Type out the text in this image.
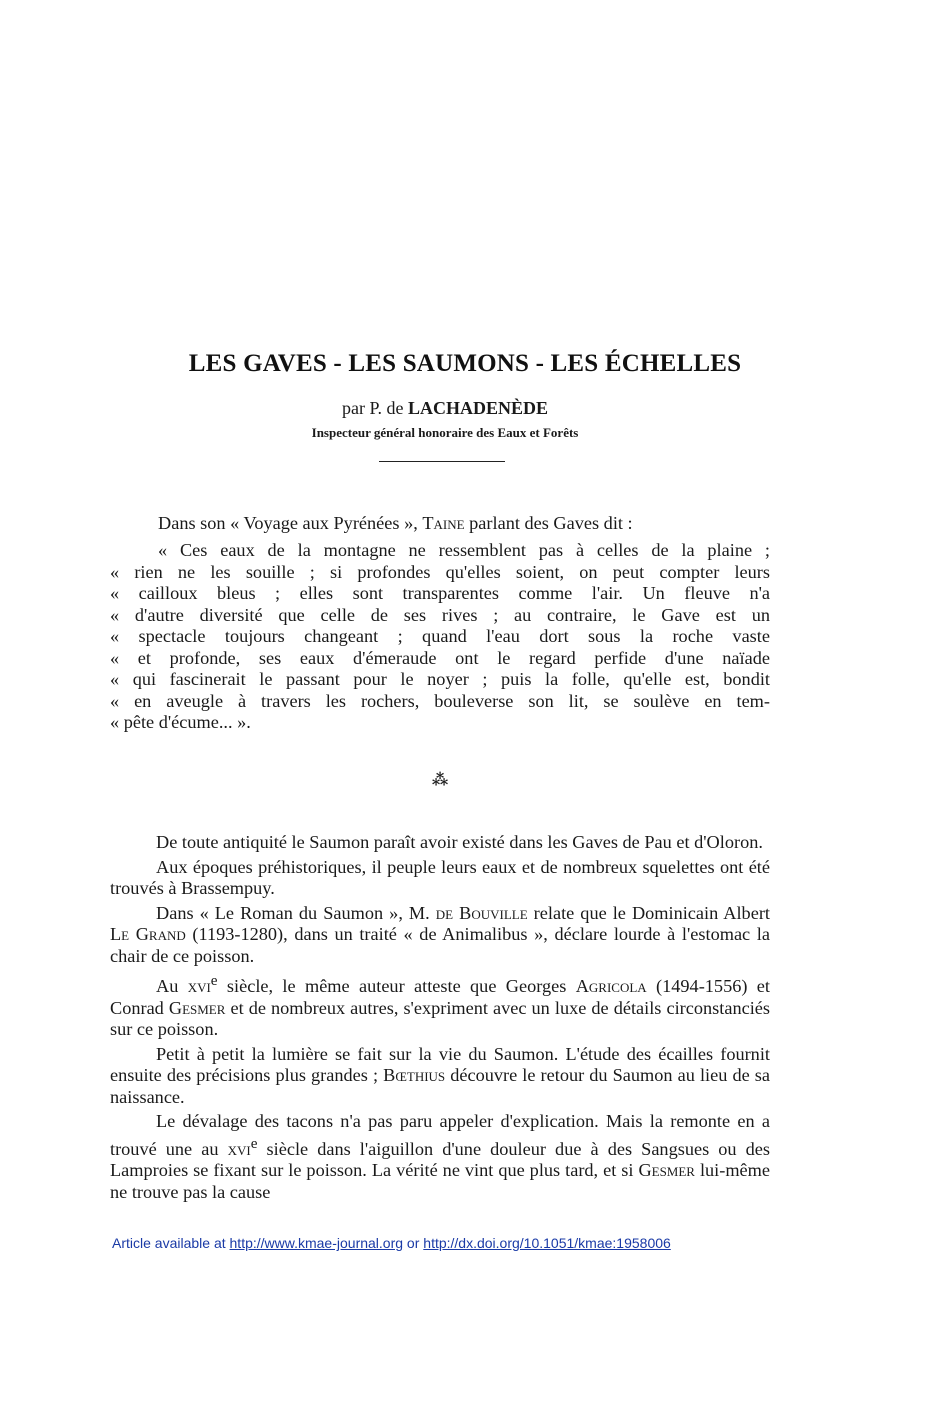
LES GAVES - LES SAUMONS - LES ÉCHELLES
par P. de LACHADENÈDE
Inspecteur général honoraire des Eaux et Forêts
Dans son « Voyage aux Pyrénées », Taine parlant des Gaves dit :
« Ces eaux de la montagne ne ressemblent pas à celles de la plaine ;
« rien ne les souille ; si profondes qu'elles soient, on peut compter leurs
« cailloux bleus ; elles sont transparentes comme l'air. Un fleuve n'a
« d'autre diversité que celle de ses rives ; au contraire, le Gave est un
« spectacle toujours changeant ; quand l'eau dort sous la roche vaste
« et profonde, ses eaux d'émeraude ont le regard perfide d'une naïade
« qui fascinerait le passant pour le noyer ; puis la folle, qu'elle est, bondit
« en aveugle à travers les rochers, bouleverse son lit, se soulève en tem-
« pête d'écume... ».
⁂

De toute antiquité le Saumon paraît avoir existé dans les Gaves de Pau et d'Oloron.

Aux époques préhistoriques, il peuple leurs eaux et de nombreux squelettes ont été trouvés à Brassempuy.

Dans « Le Roman du Saumon », M. de Bouville relate que le Dominicain Albert Le Grand (1193-1280), dans un traité « de Animalibus », déclare lourde à l'estomac la chair de ce poisson.

Au xvi$^e$ siècle, le même auteur atteste que Georges Agricola (1494-1556) et Conrad Gesmer et de nombreux autres, s'expriment avec un luxe de détails circonstanciés sur ce poisson.

Petit à petit la lumière se fait sur la vie du Saumon. L'étude des écailles fournit ensuite des précisions plus grandes ; Bœthius découvre le retour du Saumon au lieu de sa naissance.

Le dévalage des tacons n'a pas paru appeler d'explication. Mais la remonte en a trouvé une au xvi$^e$ siècle dans l'aiguillon d'une douleur due à des Sangsues ou des Lamproies se fixant sur le poisson. La vérité ne vint que plus tard, et si Gesmer lui-même ne trouve pas la cause

Article available at http://www.kmae-journal.org or http://dx.doi.org/10.1051/kmae:1958006
